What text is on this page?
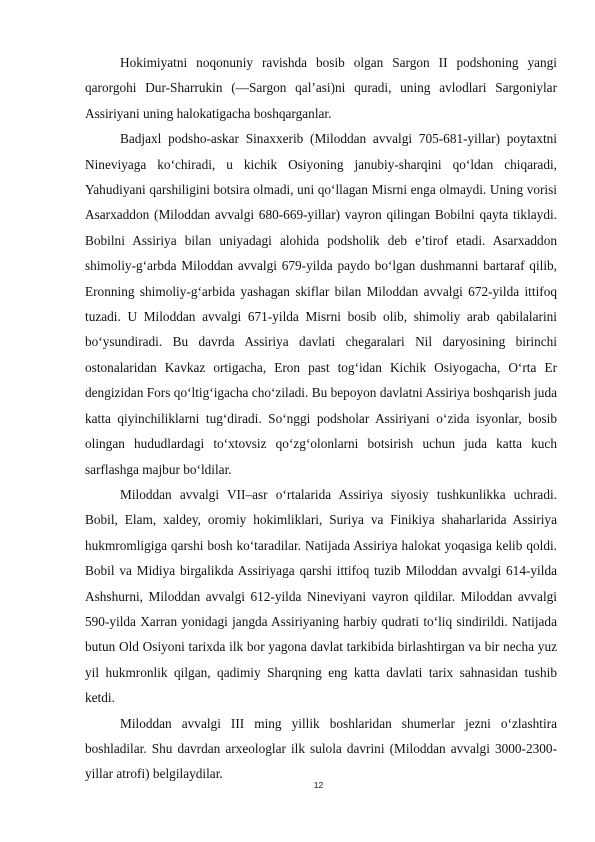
Hokimiyatni noqonuniy ravishda bosib olgan Sargon II podshoning yangi qarorgohi Dur-Sharrukin (—Sargon qal’asi)ni quradi, uning avlodlari Sargoniylar Assiriyani uning halokatigacha boshqarganlar.

Badjaxl podsho-askar Sinaxxerib (Miloddan avvalgi 705-681-yillar) poytaxtni Nineviyaga ko‘chiradi, u kichik Osiyoning janubiy-sharqini qo‘ldan chiqaradi, Yahudiyani qarshiligini botsira olmadi, uni qo‘llagan Misrni enga olmaydi. Uning vorisi Asarxaddon (Miloddan avvalgi 680-669-yillar) vayron qilingan Bobilni qayta tiklaydi. Bobilni Assiriya bilan uniyadagi alohida podsholik deb e’tirof etadi. Asarxaddon shimoliy-g‘arbda Miloddan avvalgi 679-yilda paydo bo‘lgan dushmanni bartaraf qilib, Eronning shimoliy-g‘arbida yashagan skiflar bilan Miloddan avvalgi 672-yilda ittifoq tuzadi. U Miloddan avvalgi 671-yilda Misrni bosib olib, shimoliy arab qabilalarini bo‘ysundiradi. Bu davrda Assiriya davlati chegaralari Nil daryosining birinchi ostonalaridan Kavkaz ortigacha, Eron past tog‘idan Kichik Osiyogacha, O‘rta Er dengizidan Fors qo‘ltig‘igacha cho‘ziladi. Bu bepoyon davlatni Assiriya boshqarish juda katta qiyinchiliklarni tug‘diradi. So‘nggi podsholar Assiriyani o‘zida isyonlar, bosib olingan hududlardagi to‘xtovsiz qo‘zg‘olonlarni botsirish uchun juda katta kuch sarflashga majbur bo‘ldilar.

Miloddan avvalgi VII–asr o‘rtalarida Assiriya siyosiy tushkunlikka uchradi. Bobil, Elam, xaldey, oromiy hokimliklari, Suriya va Finikiya shaharlarida Assiriya hukmromligiga qarshi bosh ko‘taradilar. Natijada Assiriya halokat yoqasiga kelib qoldi. Bobil va Midiya birgalikda Assiriyaga qarshi ittifoq tuzib Miloddan avvalgi 614-yilda Ashshurni, Miloddan avvalgi 612-yilda Nineviyani vayron qildilar. Miloddan avvalgi 590-yilda Xarran yonidagi jangda Assiriyaning harbiy qudrati to‘liq sindirildi. Natijada butun Old Osiyoni tarixda ilk bor yagona davlat tarkibida birlashtirgan va bir necha yuz yil hukmronlik qilgan, qadimiy Sharqning eng katta davlati tarix sahnasidan tushib ketdi.

Miloddan avvalgi III ming yillik boshlaridan shumerlar jezni o‘zlashtira boshladilar. Shu davrdan arxeologlar ilk sulola davrini (Miloddan avvalgi 3000-2300-yillar atrofi) belgilaydilar.

12
